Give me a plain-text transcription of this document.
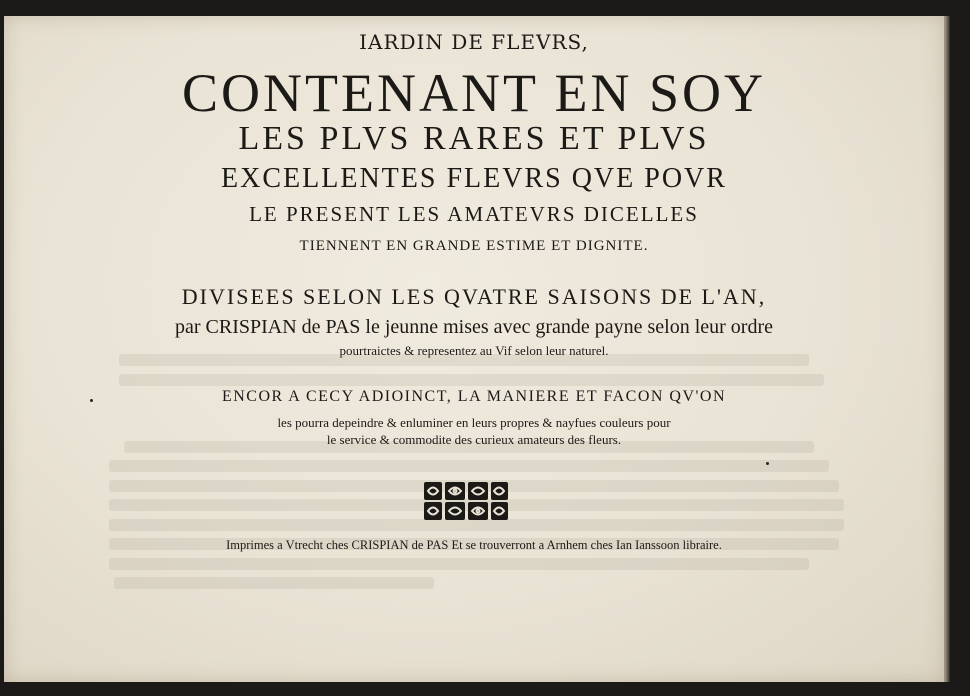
IARDIN DE FLEVRS,
CONTENANT EN SOY
LES PLVS RARES ET PLVS
EXCELLENTES FLEVRS QVE POVR
LE PRESENT LES AMATEVRS DICELLES
TIENNENT EN GRANDE ESTIME ET DIGNITE.
DIVISEES SELON LES QVATRE SAISONS DE L'AN,
par CRISPIAN de PAS le jeunne mises avec grande payne selon leur ordre
pourtraictes & representez au Vif selon leur naturel.
ENCOR A CECY ADIOINCT, LA MANIERE ET FACON QV'ON
les pourra depeindre & enluminer en leurs propres & nayfues couleurs pour
le service & commodite des curieux amateurs des fleurs.
Imprimes a Vtrecht ches CRISPIAN de PAS Et se trouverront a Arnhem ches Ian Ianssoon libraire.
